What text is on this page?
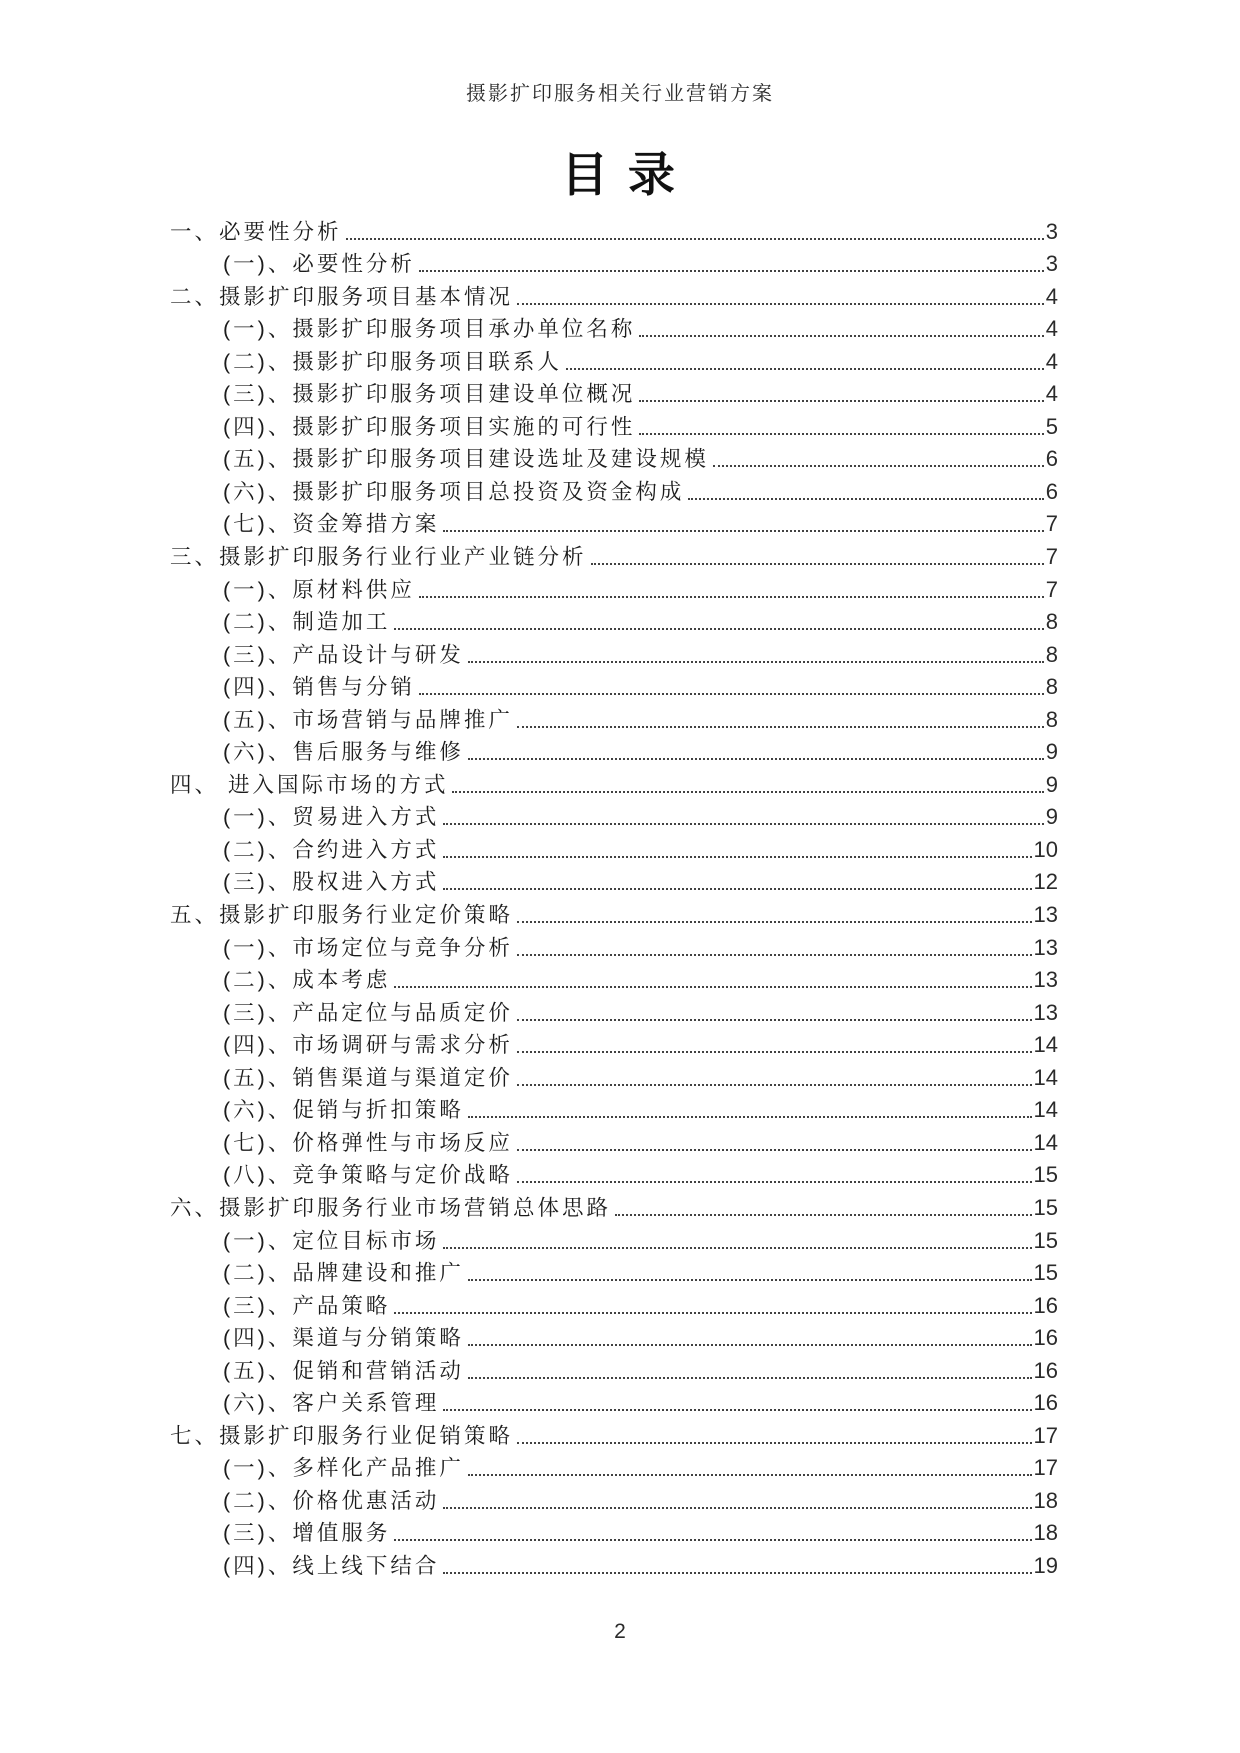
摄影扩印服务相关行业营销方案
目 录
一、必要性分析	3
(一)、必要性分析	3
二、摄影扩印服务项目基本情况	4
(一)、摄影扩印服务项目承办单位名称	4
(二)、摄影扩印服务项目联系人	4
(三)、摄影扩印服务项目建设单位概况	4
(四)、摄影扩印服务项目实施的可行性	5
(五)、摄影扩印服务项目建设选址及建设规模	6
(六)、摄影扩印服务项目总投资及资金构成	6
(七)、资金筹措方案	7
三、摄影扩印服务行业行业产业链分析	7
(一)、原材料供应	7
(二)、制造加工	8
(三)、产品设计与研发	8
(四)、销售与分销	8
(五)、市场营销与品牌推广	8
(六)、售后服务与维修	9
四、 进入国际市场的方式	9
(一)、贸易进入方式	9
(二)、合约进入方式	10
(三)、股权进入方式	12
五、摄影扩印服务行业定价策略	13
(一)、市场定位与竞争分析	13
(二)、成本考虑	13
(三)、产品定位与品质定价	13
(四)、市场调研与需求分析	14
(五)、销售渠道与渠道定价	14
(六)、促销与折扣策略	14
(七)、价格弹性与市场反应	14
(八)、竞争策略与定价战略	15
六、摄影扩印服务行业市场营销总体思路	15
(一)、定位目标市场	15
(二)、品牌建设和推广	15
(三)、产品策略	16
(四)、渠道与分销策略	16
(五)、促销和营销活动	16
(六)、客户关系管理	16
七、摄影扩印服务行业促销策略	17
(一)、多样化产品推广	17
(二)、价格优惠活动	18
(三)、增值服务	18
(四)、线上线下结合	19
2
